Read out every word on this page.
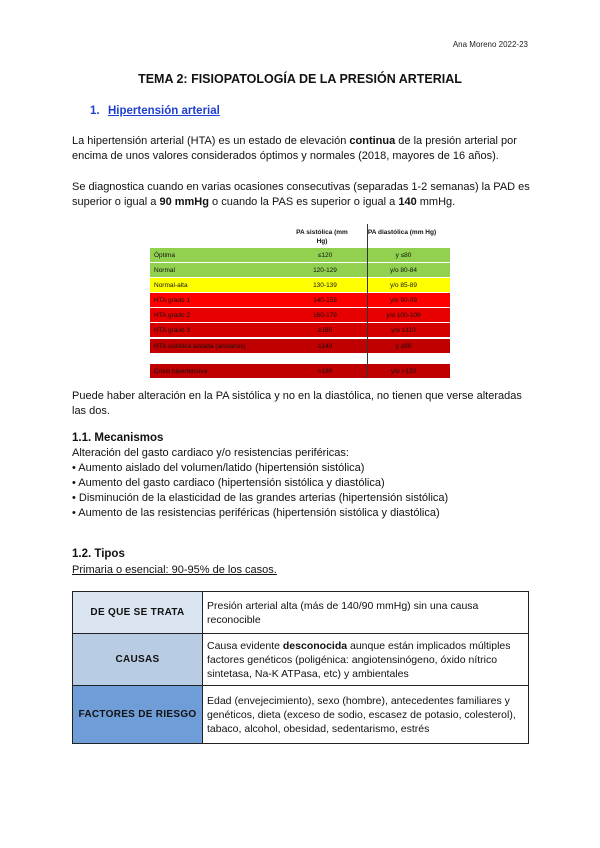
Ana Moreno 2022-23
TEMA 2: FISIOPATOLOGÍA DE LA PRESIÓN ARTERIAL
1. Hipertensión arterial
La hipertensión arterial (HTA) es un estado de elevación continua de la presión arterial por encima de unos valores considerados óptimos y normales (2018, mayores de 16 años).
Se diagnostica cuando en varias ocasiones consecutivas (separadas 1-2 semanas) la PAD es superior o igual a 90 mmHg o cuando la PAS es superior o igual a 140 mmHg.
PA sistólica (mm Hg)
PA diastólica (mm Hg)
Óptima	≤120	y ≤80
Normal	120-129	y/o 80-84
Normal-alta	130-139	y/o 85-89
HTA grado 1	140-159	y/o 90-99
HTA grado 2	160-179	y/o 100-109
HTA grado 3	≥180	y/o ≥110
HTA sistólica aislada (ancianos)	≥140	y ≤90
Crisis hipertensiva	>180	y/o >120
Puede haber alteración en la PA sistólica y no en la diastólica, no tienen que verse alteradas las dos.
1.1. Mecanismos
Alteración del gasto cardiaco y/o resistencias periféricas:
• Aumento aislado del volumen/latido (hipertensión sistólica)
• Aumento del gasto cardiaco (hipertensión sistólica y diastólica)
• Disminución de la elasticidad de las grandes arterias (hipertensión sistólica)
• Aumento de las resistencias periféricas (hipertensión sistólica y diastólica)
1.2. Tipos
Primaria o esencial: 90-95% de los casos.
DE QUE SE TRATA	Presión arterial alta (más de 140/90 mmHg) sin una causa reconocible
CAUSAS	Causa evidente desconocida aunque están implicados múltiples factores genéticos (poligénica: angiotensinógeno, óxido nítrico sintetasa, Na-K ATPasa, etc) y ambientales
FACTORES DE RIESGO	Edad (envejecimiento), sexo (hombre), antecedentes familiares y genéticos, dieta (exceso de sodio, escasez de potasio, colesterol), tabaco, alcohol, obesidad, sedentarismo, estrés
